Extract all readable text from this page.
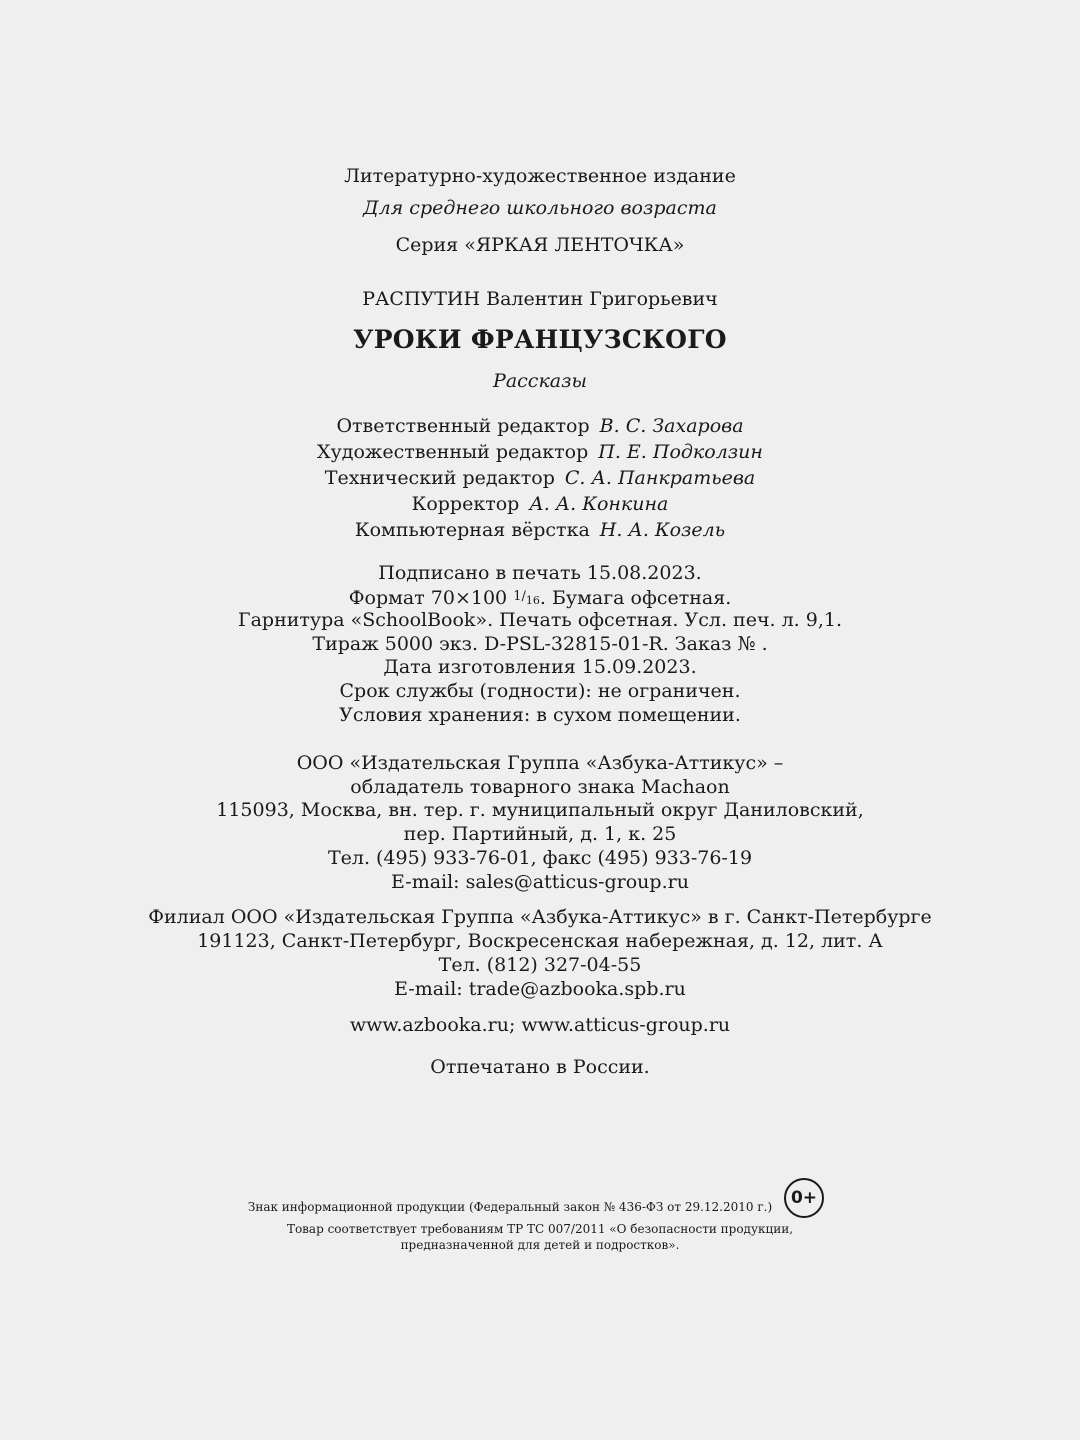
Литературно-художественное издание
Для среднего школьного возраста
Серия «ЯРКАЯ ЛЕНТОЧКА»
РАСПУТИН Валентин Григорьевич
УРОКИ ФРАНЦУЗСКОГО
Рассказы
Ответственный редактор В. С. Захарова
Художественный редактор П. Е. Подколзин
Технический редактор С. А. Панкратьева
Корректор А. А. Конкина
Компьютерная вёрстка Н. А. Козель
Подписано в печать 15.08.2023.
Формат 70×100 $^{1/_{16}}$. Бумага офсетная.
Гарнитура «SchoolBook». Печать офсетная. Усл. печ. л. 9,1.
Тираж 5000 экз. D-PSL-32815-01-R. Заказ № .
Дата изготовления 15.09.2023.
Срок службы (годности): не ограничен.
Условия хранения: в сухом помещении.
ООО «Издательская Группа «Азбука-Аттикус» –
обладатель товарного знака Machaon
115093, Москва, вн. тер. г. муниципальный округ Даниловский,
пер. Партийный, д. 1, к. 25
Тел. (495) 933-76-01, факс (495) 933-76-19
E-mail: sales@atticus-group.ru
Филиал ООО «Издательская Группа «Азбука-Аттикус» в г. Санкт-Петербурге
191123, Санкт-Петербург, Воскресенская набережная, д. 12, лит. А
Тел. (812) 327-04-55
E-mail: trade@azbooka.spb.ru
www.azbooka.ru; www.atticus-group.ru
Отпечатано в России.
Знак информационной продукции (Федеральный закон № 436-ФЗ от 29.12.2010 г.)	0+
Товар соответствует требованиям ТР ТС 007/2011 «О безопасности продукции,
предназначенной для детей и подростков».
